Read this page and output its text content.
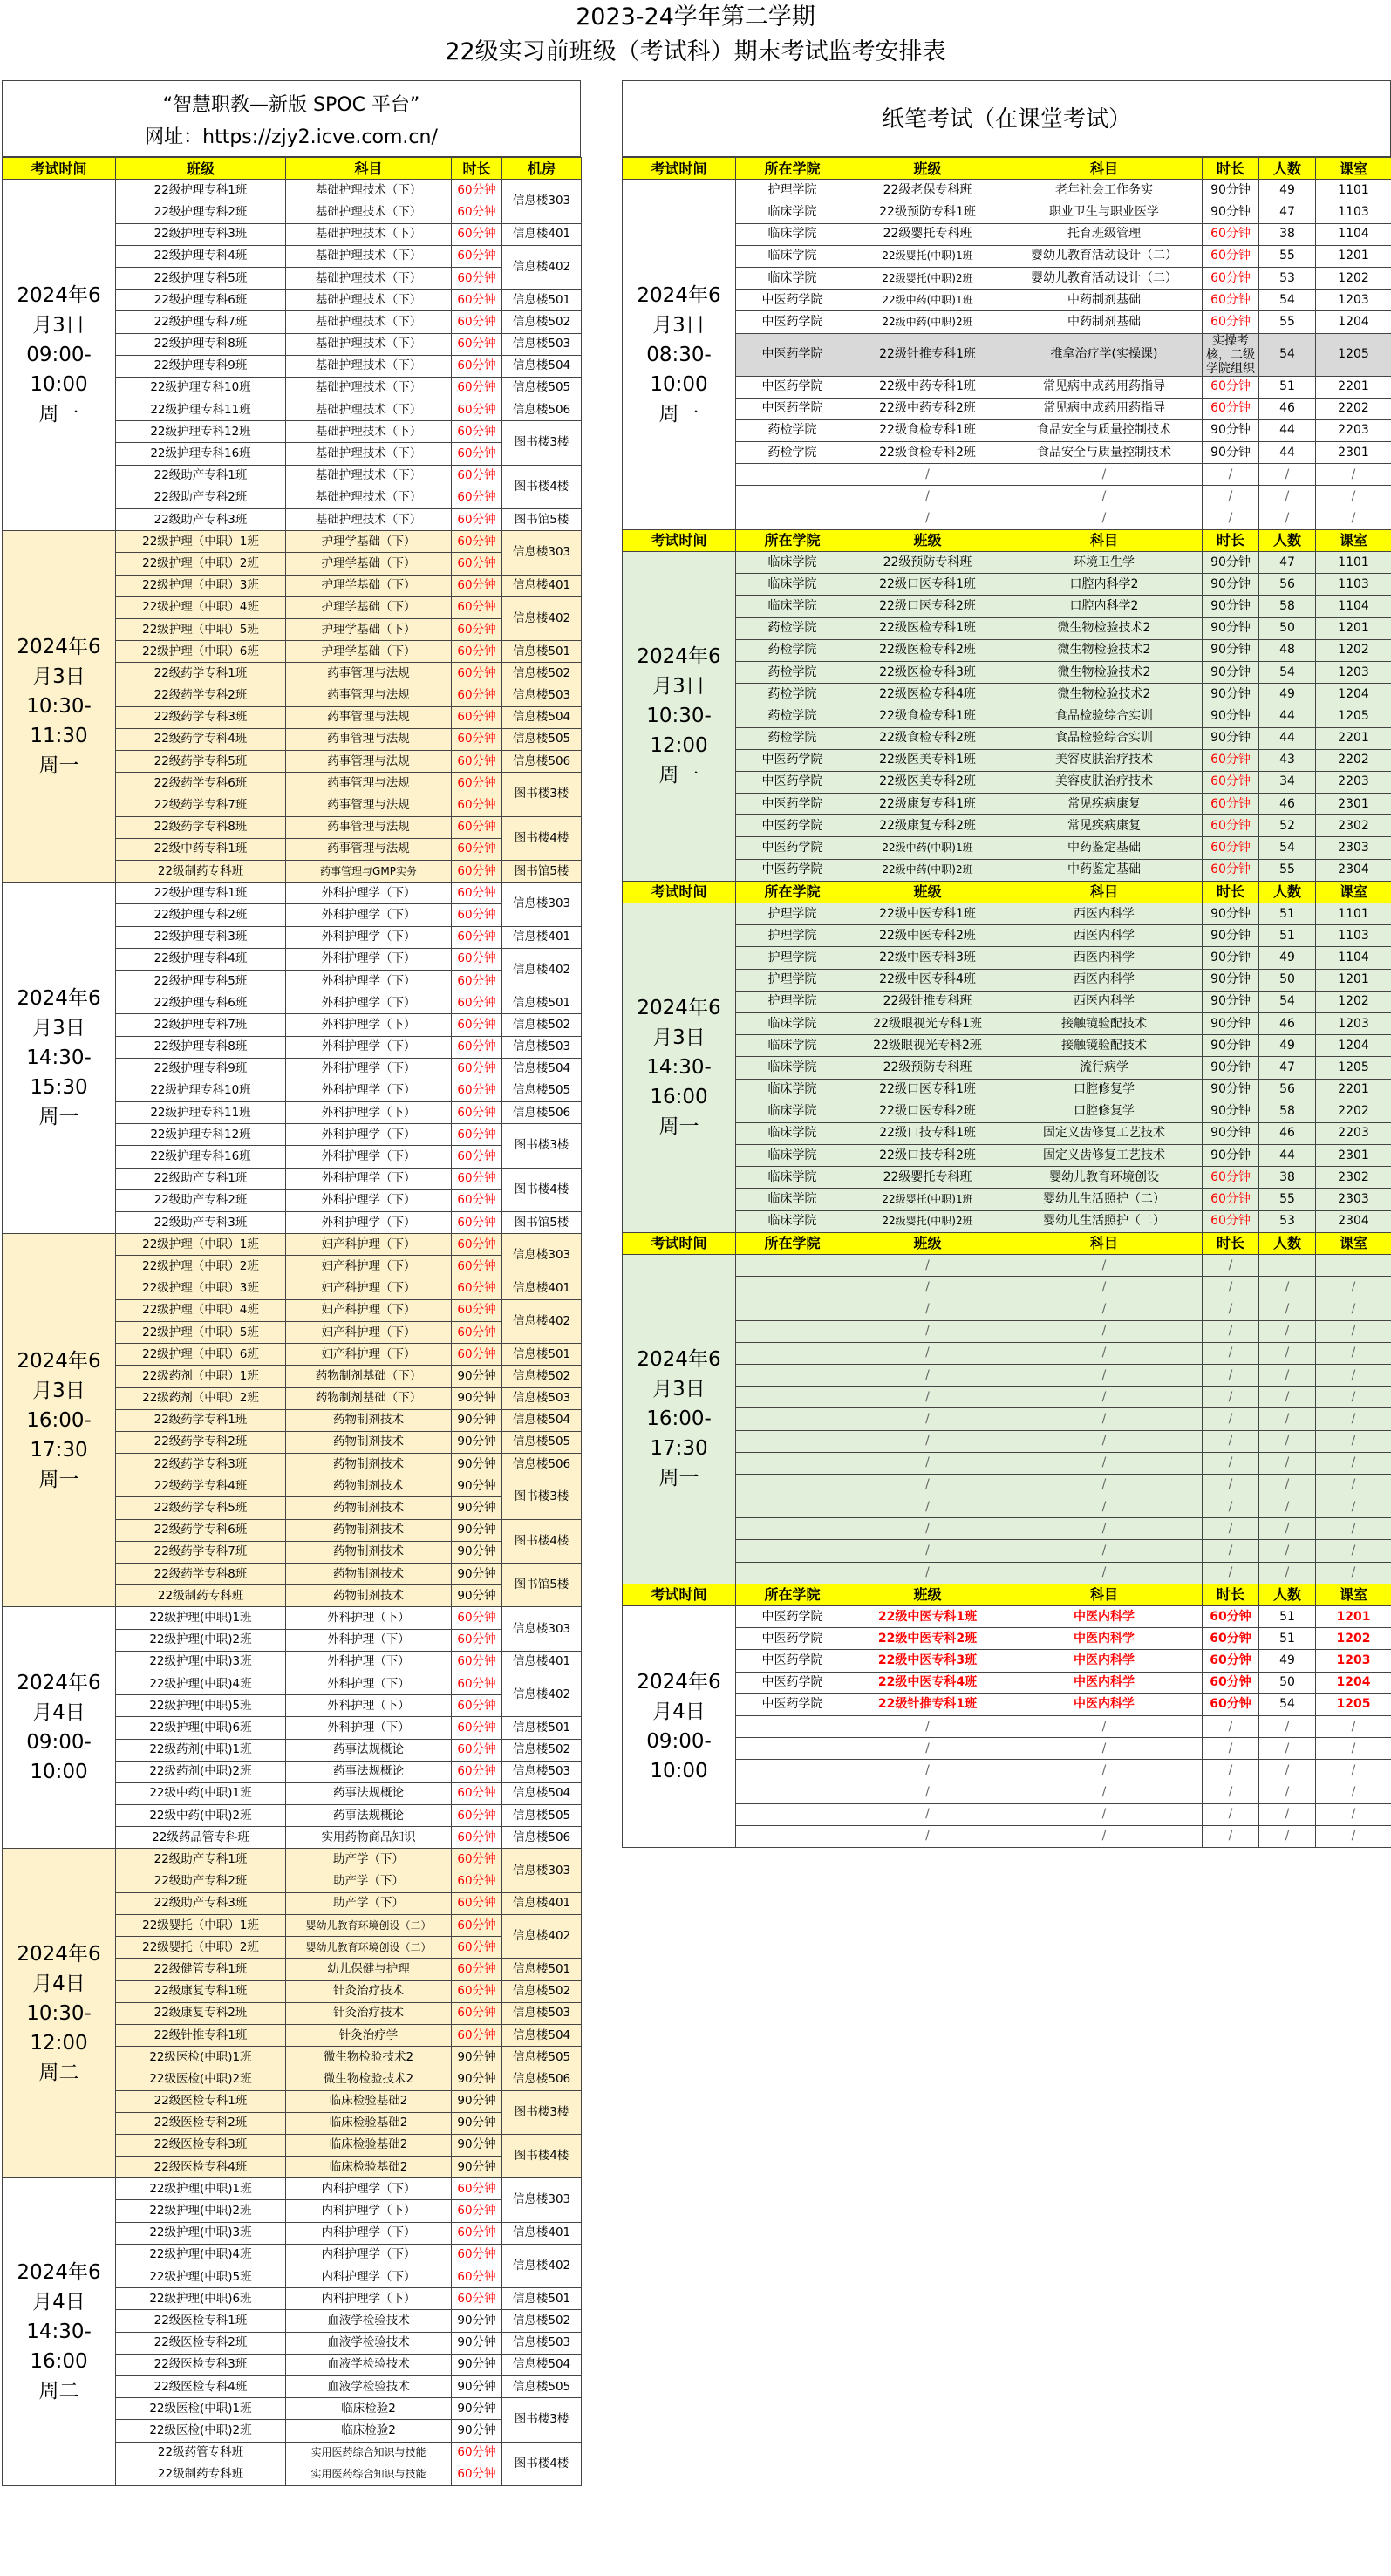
2023-24学年第二学期
22级实习前班级（考试科）期末考试监考安排表
“智慧职教—新版 SPOC 平台”
网址：https://zjy2.icve.com.cn/
纸笔考试（在课堂考试）
考试时间	班级	科目	时长	机房
2024年6
月3日
09:00-
10:00
周一	22级护理专科1班	基础护理技术（下）	60分钟	信息楼303
	22级护理专科2班	基础护理技术（下）	60分钟	
	22级护理专科3班	基础护理技术（下）	60分钟	信息楼401
	22级护理专科4班	基础护理技术（下）	60分钟	信息楼402
	22级护理专科5班	基础护理技术（下）	60分钟	
	22级护理专科6班	基础护理技术（下）	60分钟	信息楼501
	22级护理专科7班	基础护理技术（下）	60分钟	信息楼502
	22级护理专科8班	基础护理技术（下）	60分钟	信息楼503
	22级护理专科9班	基础护理技术（下）	60分钟	信息楼504
	22级护理专科10班	基础护理技术（下）	60分钟	信息楼505
	22级护理专科11班	基础护理技术（下）	60分钟	信息楼506
	22级护理专科12班	基础护理技术（下）	60分钟	图书楼3楼
	22级护理专科16班	基础护理技术（下）	60分钟	
	22级助产专科1班	基础护理技术（下）	60分钟	图书楼4楼
	22级助产专科2班	基础护理技术（下）	60分钟	
	22级助产专科3班	基础护理技术（下）	60分钟	图书馆5楼
2024年6
月3日
10:30-
11:30
周一	22级护理（中职）1班	护理学基础（下）	60分钟	信息楼303
	22级护理（中职）2班	护理学基础（下）	60分钟	
	22级护理（中职）3班	护理学基础（下）	60分钟	信息楼401
	22级护理（中职）4班	护理学基础（下）	60分钟	信息楼402
	22级护理（中职）5班	护理学基础（下）	60分钟	
	22级护理（中职）6班	护理学基础（下）	60分钟	信息楼501
	22级药学专科1班	药事管理与法规	60分钟	信息楼502
	22级药学专科2班	药事管理与法规	60分钟	信息楼503
	22级药学专科3班	药事管理与法规	60分钟	信息楼504
	22级药学专科4班	药事管理与法规	60分钟	信息楼505
	22级药学专科5班	药事管理与法规	60分钟	信息楼506
	22级药学专科6班	药事管理与法规	60分钟	图书楼3楼
	22级药学专科7班	药事管理与法规	60分钟	
	22级药学专科8班	药事管理与法规	60分钟	图书楼4楼
	22级中药专科1班	药事管理与法规	60分钟	
	22级制药专科班	药事管理与GMP实务	60分钟	图书馆5楼
2024年6
月3日
14:30-
15:30
周一	22级护理专科1班	外科护理学（下）	60分钟	信息楼303
	22级护理专科2班	外科护理学（下）	60分钟	
	22级护理专科3班	外科护理学（下）	60分钟	信息楼401
	22级护理专科4班	外科护理学（下）	60分钟	信息楼402
	22级护理专科5班	外科护理学（下）	60分钟	
	22级护理专科6班	外科护理学（下）	60分钟	信息楼501
	22级护理专科7班	外科护理学（下）	60分钟	信息楼502
	22级护理专科8班	外科护理学（下）	60分钟	信息楼503
	22级护理专科9班	外科护理学（下）	60分钟	信息楼504
	22级护理专科10班	外科护理学（下）	60分钟	信息楼505
	22级护理专科11班	外科护理学（下）	60分钟	信息楼506
	22级护理专科12班	外科护理学（下）	60分钟	图书楼3楼
	22级护理专科16班	外科护理学（下）	60分钟	
	22级助产专科1班	外科护理学（下）	60分钟	图书楼4楼
	22级助产专科2班	外科护理学（下）	60分钟	
	22级助产专科3班	外科护理学（下）	60分钟	图书馆5楼
2024年6
月3日
16:00-
17:30
周一	22级护理（中职）1班	妇产科护理（下）	60分钟	信息楼303
	22级护理（中职）2班	妇产科护理（下）	60分钟	
	22级护理（中职）3班	妇产科护理（下）	60分钟	信息楼401
	22级护理（中职）4班	妇产科护理（下）	60分钟	信息楼402
	22级护理（中职）5班	妇产科护理（下）	60分钟	
	22级护理（中职）6班	妇产科护理（下）	60分钟	信息楼501
	22级药剂（中职）1班	药物制剂基础（下）	90分钟	信息楼502
	22级药剂（中职）2班	药物制剂基础（下）	90分钟	信息楼503
	22级药学专科1班	药物制剂技术	90分钟	信息楼504
	22级药学专科2班	药物制剂技术	90分钟	信息楼505
	22级药学专科3班	药物制剂技术	90分钟	信息楼506
	22级药学专科4班	药物制剂技术	90分钟	图书楼3楼
	22级药学专科5班	药物制剂技术	90分钟	
	22级药学专科6班	药物制剂技术	90分钟	图书楼4楼
	22级药学专科7班	药物制剂技术	90分钟	
	22级药学专科8班	药物制剂技术	90分钟	图书馆5楼
	22级制药专科班	药物制剂技术	90分钟	
2024年6
月4日
09:00-
10:00	22级护理(中职)1班	外科护理（下）	60分钟	信息楼303
	22级护理(中职)2班	外科护理（下）	60分钟	
	22级护理(中职)3班	外科护理（下）	60分钟	信息楼401
	22级护理(中职)4班	外科护理（下）	60分钟	信息楼402
	22级护理(中职)5班	外科护理（下）	60分钟	
	22级护理(中职)6班	外科护理（下）	60分钟	信息楼501
	22级药剂(中职)1班	药事法规概论	60分钟	信息楼502
	22级药剂(中职)2班	药事法规概论	60分钟	信息楼503
	22级中药(中职)1班	药事法规概论	60分钟	信息楼504
	22级中药(中职)2班	药事法规概论	60分钟	信息楼505
	22级药品管专科班	实用药物商品知识	60分钟	信息楼506
2024年6
月4日
10:30-
12:00
周二	22级助产专科1班	助产学（下）	60分钟	信息楼303
	22级助产专科2班	助产学（下）	60分钟	
	22级助产专科3班	助产学（下）	60分钟	信息楼401
	22级婴托（中职）1班	婴幼儿教育环境创设（二）	60分钟	信息楼402
	22级婴托（中职）2班	婴幼儿教育环境创设（二）	60分钟	
	22级健管专科1班	幼儿保健与护理	60分钟	信息楼501
	22级康复专科1班	针灸治疗技术	60分钟	信息楼502
	22级康复专科2班	针灸治疗技术	60分钟	信息楼503
	22级针推专科1班	针灸治疗学	60分钟	信息楼504
	22级医检(中职)1班	微生物检验技术2	90分钟	信息楼505
	22级医检(中职)2班	微生物检验技术2	90分钟	信息楼506
	22级医检专科1班	临床检验基础2	90分钟	图书楼3楼
	22级医检专科2班	临床检验基础2	90分钟	
	22级医检专科3班	临床检验基础2	90分钟	图书楼4楼
	22级医检专科4班	临床检验基础2	90分钟	
2024年6
月4日
14:30-
16:00
周二	22级护理(中职)1班	内科护理学（下）	60分钟	信息楼303
	22级护理(中职)2班	内科护理学（下）	60分钟	
	22级护理(中职)3班	内科护理学（下）	60分钟	信息楼401
	22级护理(中职)4班	内科护理学（下）	60分钟	信息楼402
	22级护理(中职)5班	内科护理学（下）	60分钟	
	22级护理(中职)6班	内科护理学（下）	60分钟	信息楼501
	22级医检专科1班	血液学检验技术	90分钟	信息楼502
	22级医检专科2班	血液学检验技术	90分钟	信息楼503
	22级医检专科3班	血液学检验技术	90分钟	信息楼504
	22级医检专科4班	血液学检验技术	90分钟	信息楼505
	22级医检(中职)1班	临床检验2	90分钟	图书楼3楼
	22级医检(中职)2班	临床检验2	90分钟	
	22级药管专科班	实用医药综合知识与技能	60分钟	图书楼4楼
	22级制药专科班	实用医药综合知识与技能	60分钟	
考试时间	所在学院	班级	科目	时长	人数	课室
2024年6
月3日
08:30-
10:00
周一	护理学院	22级老保专科班	老年社会工作务实	90分钟	49	1101
	临床学院	22级预防专科1班	职业卫生与职业医学	90分钟	47	1103
	临床学院	22级婴托专科班	托育班级管理	60分钟	38	1104
	临床学院	22级婴托(中职)1班	婴幼儿教育活动设计（二）	60分钟	55	1201
	临床学院	22级婴托(中职)2班	婴幼儿教育活动设计（二）	60分钟	53	1202
	中医药学院	22级中药(中职)1班	中药制剂基础	60分钟	54	1203
	中医药学院	22级中药(中职)2班	中药制剂基础	60分钟	55	1204
	中医药学院	22级针推专科1班	推拿治疗学(实操课)	实操考核，二级学院组织	54	1205
	中医药学院	22级中药专科1班	常见病中成药用药指导	60分钟	51	2201
	中医药学院	22级中药专科2班	常见病中成药用药指导	60分钟	46	2202
	药检学院	22级食检专科1班	食品安全与质量控制技术	90分钟	44	2203
	药检学院	22级食检专科2班	食品安全与质量控制技术	90分钟	44	2301
		/	/	/	/	/
		/	/	/	/	/
		/	/	/	/	/
考试时间	所在学院	班级	科目	时长	人数	课室
2024年6
月3日
10:30-
12:00
周一	临床学院	22级预防专科班	环境卫生学	90分钟	47	1101
	临床学院	22级口医专科1班	口腔内科学2	90分钟	56	1103
	临床学院	22级口医专科2班	口腔内科学2	90分钟	58	1104
	药检学院	22级医检专科1班	微生物检验技术2	90分钟	50	1201
	药检学院	22级医检专科2班	微生物检验技术2	90分钟	48	1202
	药检学院	22级医检专科3班	微生物检验技术2	90分钟	54	1203
	药检学院	22级医检专科4班	微生物检验技术2	90分钟	49	1204
	药检学院	22级食检专科1班	食品检验综合实训	90分钟	44	1205
	药检学院	22级食检专科2班	食品检验综合实训	90分钟	44	2201
	中医药学院	22级医美专科1班	美容皮肤治疗技术	60分钟	43	2202
	中医药学院	22级医美专科2班	美容皮肤治疗技术	60分钟	34	2203
	中医药学院	22级康复专科1班	常见疾病康复	60分钟	46	2301
	中医药学院	22级康复专科2班	常见疾病康复	60分钟	52	2302
	中医药学院	22级中药(中职)1班	中药鉴定基础	60分钟	54	2303
	中医药学院	22级中药(中职)2班	中药鉴定基础	60分钟	55	2304
考试时间	所在学院	班级	科目	时长	人数	课室
2024年6
月3日
14:30-
16:00
周一	护理学院	22级中医专科1班	西医内科学	90分钟	51	1101
	护理学院	22级中医专科2班	西医内科学	90分钟	51	1103
	护理学院	22级中医专科3班	西医内科学	90分钟	49	1104
	护理学院	22级中医专科4班	西医内科学	90分钟	50	1201
	护理学院	22级针推专科班	西医内科学	90分钟	54	1202
	临床学院	22级眼视光专科1班	接触镜验配技术	90分钟	46	1203
	临床学院	22级眼视光专科2班	接触镜验配技术	90分钟	49	1204
	临床学院	22级预防专科班	流行病学	90分钟	47	1205
	临床学院	22级口医专科1班	口腔修复学	90分钟	56	2201
	临床学院	22级口医专科2班	口腔修复学	90分钟	58	2202
	临床学院	22级口技专科1班	固定义齿修复工艺技术	90分钟	46	2203
	临床学院	22级口技专科2班	固定义齿修复工艺技术	90分钟	44	2301
	临床学院	22级婴托专科班	婴幼儿教育环境创设	60分钟	38	2302
	临床学院	22级婴托(中职)1班	婴幼儿生活照护（二）	60分钟	55	2303
	临床学院	22级婴托(中职)2班	婴幼儿生活照护（二）	60分钟	53	2304
考试时间	所在学院	班级	科目	时长	人数	课室
2024年6
月3日
16:00-
17:30
周一		/	/	/		
		/	/	/	/	/
		/	/	/	/	/
		/	/	/	/	/
		/	/	/	/	/
		/	/	/	/	/
		/	/	/	/	/
		/	/	/	/	/
		/	/	/	/	/
		/	/	/	/	/
		/	/	/	/	/
		/	/	/	/	/
		/	/	/	/	/
		/	/	/	/	/
		/	/	/	/	/
考试时间	所在学院	班级	科目	时长	人数	课室
2024年6
月4日
09:00-
10:00	中医药学院	22级中医专科1班	中医内科学	60分钟	51	1201
	中医药学院	22级中医专科2班	中医内科学	60分钟	51	1202
	中医药学院	22级中医专科3班	中医内科学	60分钟	49	1203
	中医药学院	22级中医专科4班	中医内科学	60分钟	50	1204
	中医药学院	22级针推专科1班	中医内科学	60分钟	54	1205
		/	/	/	/	/
		/	/	/	/	/
		/	/	/	/	/
		/	/	/	/	/
		/	/	/	/	/
		/	/	/	/	/
